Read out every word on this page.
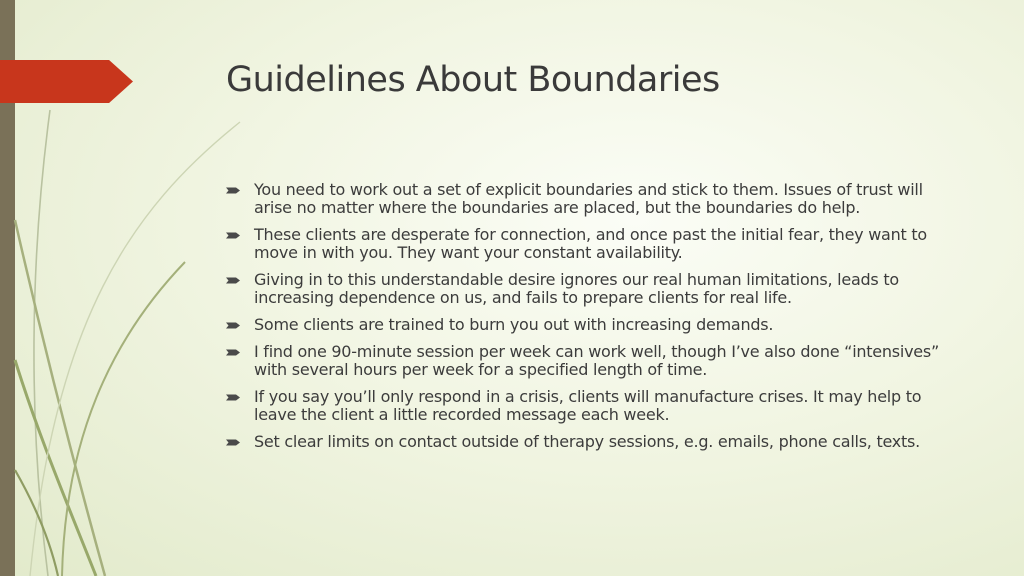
Guidelines About Boundaries
You need to work out a set of explicit boundaries and stick to them. Issues of trust will arise no matter where the boundaries are placed, but the boundaries do help.
These clients are desperate for connection, and once past the initial fear, they want to move in with you. They want your constant availability.
Giving in to this understandable desire ignores our real human limitations, leads to increasing dependence on us, and fails to prepare clients for real life.
Some clients are trained to burn you out with increasing demands.
I find one 90-minute session per week can work well, though I’ve also done “intensives” with several hours per week for a specified length of time.
If you say you’ll only respond in a crisis, clients will manufacture crises. It may help to leave the client a little recorded message each week.
Set clear limits on contact outside of therapy sessions, e.g. emails, phone calls, texts.
